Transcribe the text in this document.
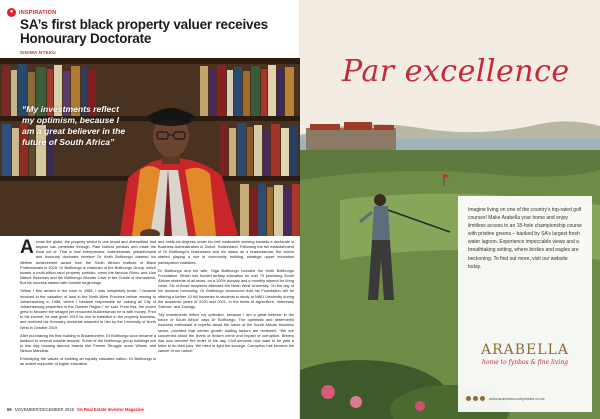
●	INSPIRATION
SA’s first black property valuer receives Honourary Doctorate
SIDIMA NTEKU
“My investments reflect my optimism, because I am a great believer in the future of South Africa”

Across the globe, the property sector is one broad and diversefield that anyone can penetrate through, Paul Ndlovu persists and make the most out of. That is how entrepreneur, businessman, philanthropist and honorary doctorate receiver Dr Keith Botlhongo claimed his lifetime achievement award from the South African Institute of Black Professionals in 2018. Dr Botlhongo is chairman of the Botlhongo Group, which boasts a multi-billion-rand property portfolio, owns the famous Rhino and Lion Nature Reserves and the Botlhongo Wonder Cave in the Cradle of Humankind. But his success started with humble beginnings.

“When I first arrived in the town in 1985, I was completely broke. I became involved in the valuation of land in the North-West Province before moving to Johannesburg in 1988, where I became responsible for valuing all City of Johannesburg properties in the Greater Region,” he said. From this, the doctor grew to become the straight yet renowned businessman he is with money. Prior to his income, he was given 2010 for him to establish in the property business, and received his Honorary doctorate awarded to him by the University of North West in October 2019.

After purchasing his first building in Braamfontein, Dr Botlhongo soon became a landlord to several notable tenants. Some of the Botlhongo group buildings are to this day housing famous brands like Farmer Struggle score Winner and Nelson Mandela.

Embodying the values of building an equally educated nation, Dr Botlhongo is an ardent supporter of higher education

and holds six degrees under his belt meanwhile working towards a doctorate in Business Administration in Zurich, Switzerland. Following the full establishment of Dr Botlhongo’s businesses and his status as a businessman, the doctor started playing a role in community building, strategic upper education participation initiatives.

Dr Botlhongo and his wife, Olga Botlhongo founded the Keith Botlhongo Foundation. Which has funded tertiary education for over 70 promising South African students of all races, on a 100% bursary and a monthly stipend for living costs. Six of those recipients attended the North West University. On the day of his doctoral honouring, Dr Botlhongo announced that his Foundation will be offering a further 10 full bursaries to students to study at NWU University during the academic years of 2020 and 2021, in the fields of Agriculture, Veterinary Science, and Zoology.

“My investments reflect my optimism, because I am a great believer in the future of South Africa” says Dr Botlhongo. The optimistic and determined business enthusiast is hopeful about the future of the South African business sector, provided that certain growth stalling factors are reviewed. “We are concerned about the levels of broken crime and impact of corruption. Bribery has now become the order of the day. Civil servants now want to be paid a bribe to do their jobs. We need to fight the scourge. Corruption has become the cancer of our nation.”

66 NOVEMBER/DECEMBER 2019 SA Real Estate Investor Magazine
Par excellence
Imagine living on one of the country’s top-rated golf courses! Make Arabella your home and enjoy limitless access to an 18-hole championship course with pristine greens – banked by SA’s largest fresh water lagoon. Experience impeccable views and a breathtaking setting, where birdies and eagles are beckoning. To find out more, visit our website today.
ARABELLA
home to fynbos & fine living
www.arabellacountryestate.co.za
